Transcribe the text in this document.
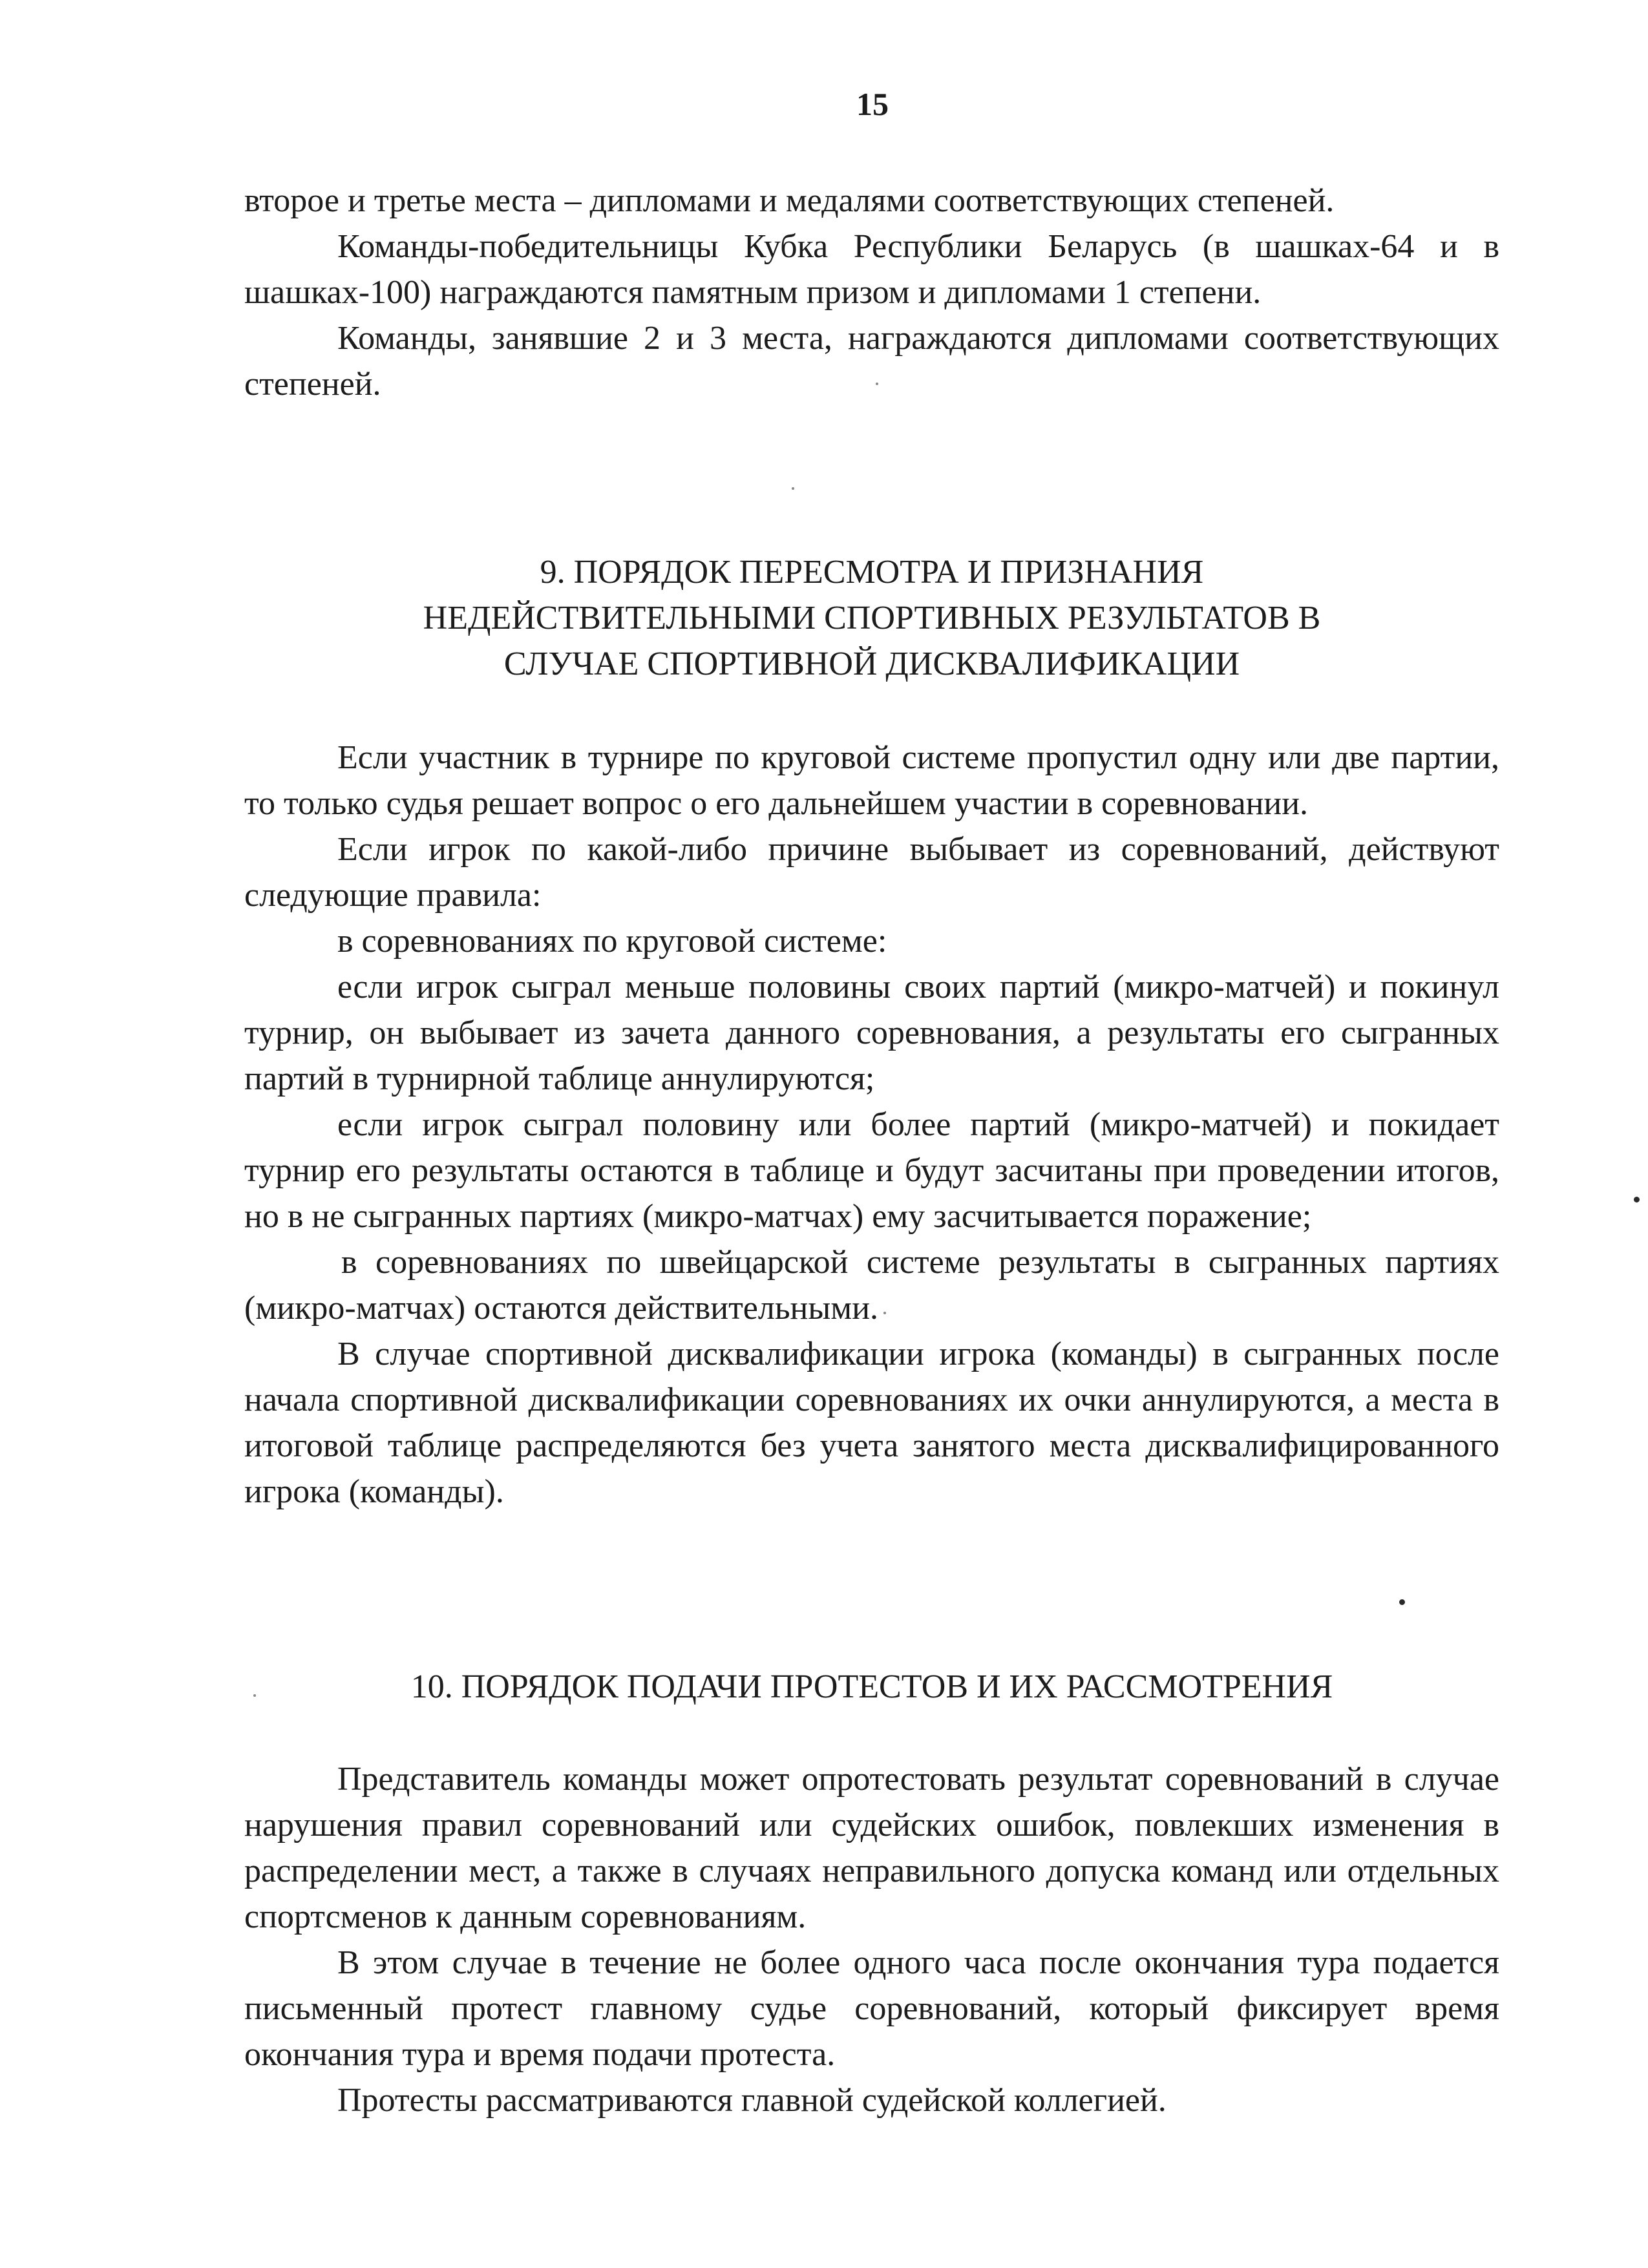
15

второе и третье места – дипломами и медалями соответствующих степеней.

Команды-победительницы Кубка Республики Беларусь (в шашках-64 и в шашках-100) награждаются памятным призом и дипломами 1 степени.

Команды, занявшие 2 и 3 места, награждаются дипломами соответствующих степеней.

9. ПОРЯДОК ПЕРЕСМОТРА И ПРИЗНАНИЯ
НЕДЕЙСТВИТЕЛЬНЫМИ СПОРТИВНЫХ РЕЗУЛЬТАТОВ В
СЛУЧАЕ СПОРТИВНОЙ ДИСКВАЛИФИКАЦИИ

Если участник в турнире по круговой системе пропустил одну или две партии, то только судья решает вопрос о его дальнейшем участии в соревновании.

Если игрок по какой-либо причине выбывает из соревнований, действуют следующие правила:

в соревнованиях по круговой системе:

если игрок сыграл меньше половины своих партий (микро-матчей) и покинул турнир, он выбывает из зачета данного соревнования, а результаты его сыгранных партий в турнирной таблице аннулируются;

если игрок сыграл половину или более партий (микро-матчей) и покидает турнир его результаты остаются в таблице и будут засчитаны при проведении итогов, но в не сыгранных партиях (микро-матчах) ему засчитывается поражение;

в соревнованиях по швейцарской системе результаты в сыгранных партиях (микро-матчах) остаются действительными.

В случае спортивной дисквалификации игрока (команды) в сыгранных после начала спортивной дисквалификации соревнованиях их очки аннулируются, а места в итоговой таблице распределяются без учета занятого места дисквалифицированного игрока (команды).

10. ПОРЯДОК ПОДАЧИ ПРОТЕСТОВ И ИХ РАССМОТРЕНИЯ

Представитель команды может опротестовать результат соревнований в случае нарушения правил соревнований или судейских ошибок, повлекших изменения в распределении мест, а также в случаях неправильного допуска команд или отдельных спортсменов к данным соревнованиям.

В этом случае в течение не более одного часа после окончания тура подается письменный протест главному судье соревнований, который фиксирует время окончания тура и время подачи протеста.

Протесты рассматриваются главной судейской коллегией.
